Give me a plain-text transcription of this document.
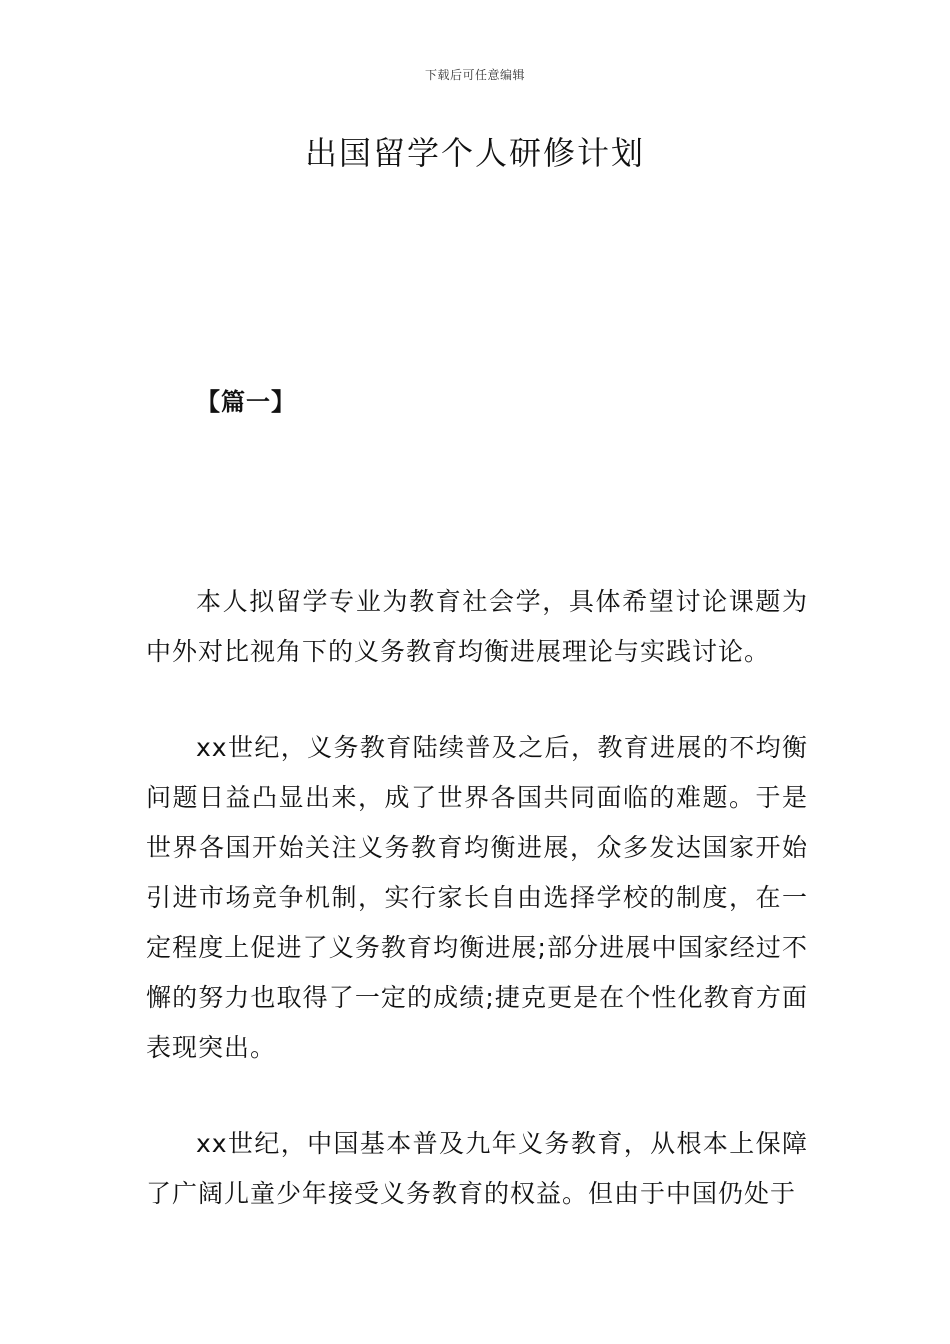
下载后可任意编辑
出国留学个人研修计划
【篇一】

本人拟留学专业为教育社会学，具体希望讨论课题为中外对比视角下的义务教育均衡进展理论与实践讨论。

xx世纪，义务教育陆续普及之后，教育进展的不均衡问题日益凸显出来，成了世界各国共同面临的难题。于是世界各国开始关注义务教育均衡进展，众多发达国家开始引进市场竞争机制，实行家长自由选择学校的制度，在一定程度上促进了义务教育均衡进展;部分进展中国家经过不懈的努力也取得了一定的成绩;捷克更是在个性化教育方面表现突出。

xx世纪，中国基本普及九年义务教育，从根本上保障了广阔儿童少年接受义务教育的权益。但由于中国仍处于
